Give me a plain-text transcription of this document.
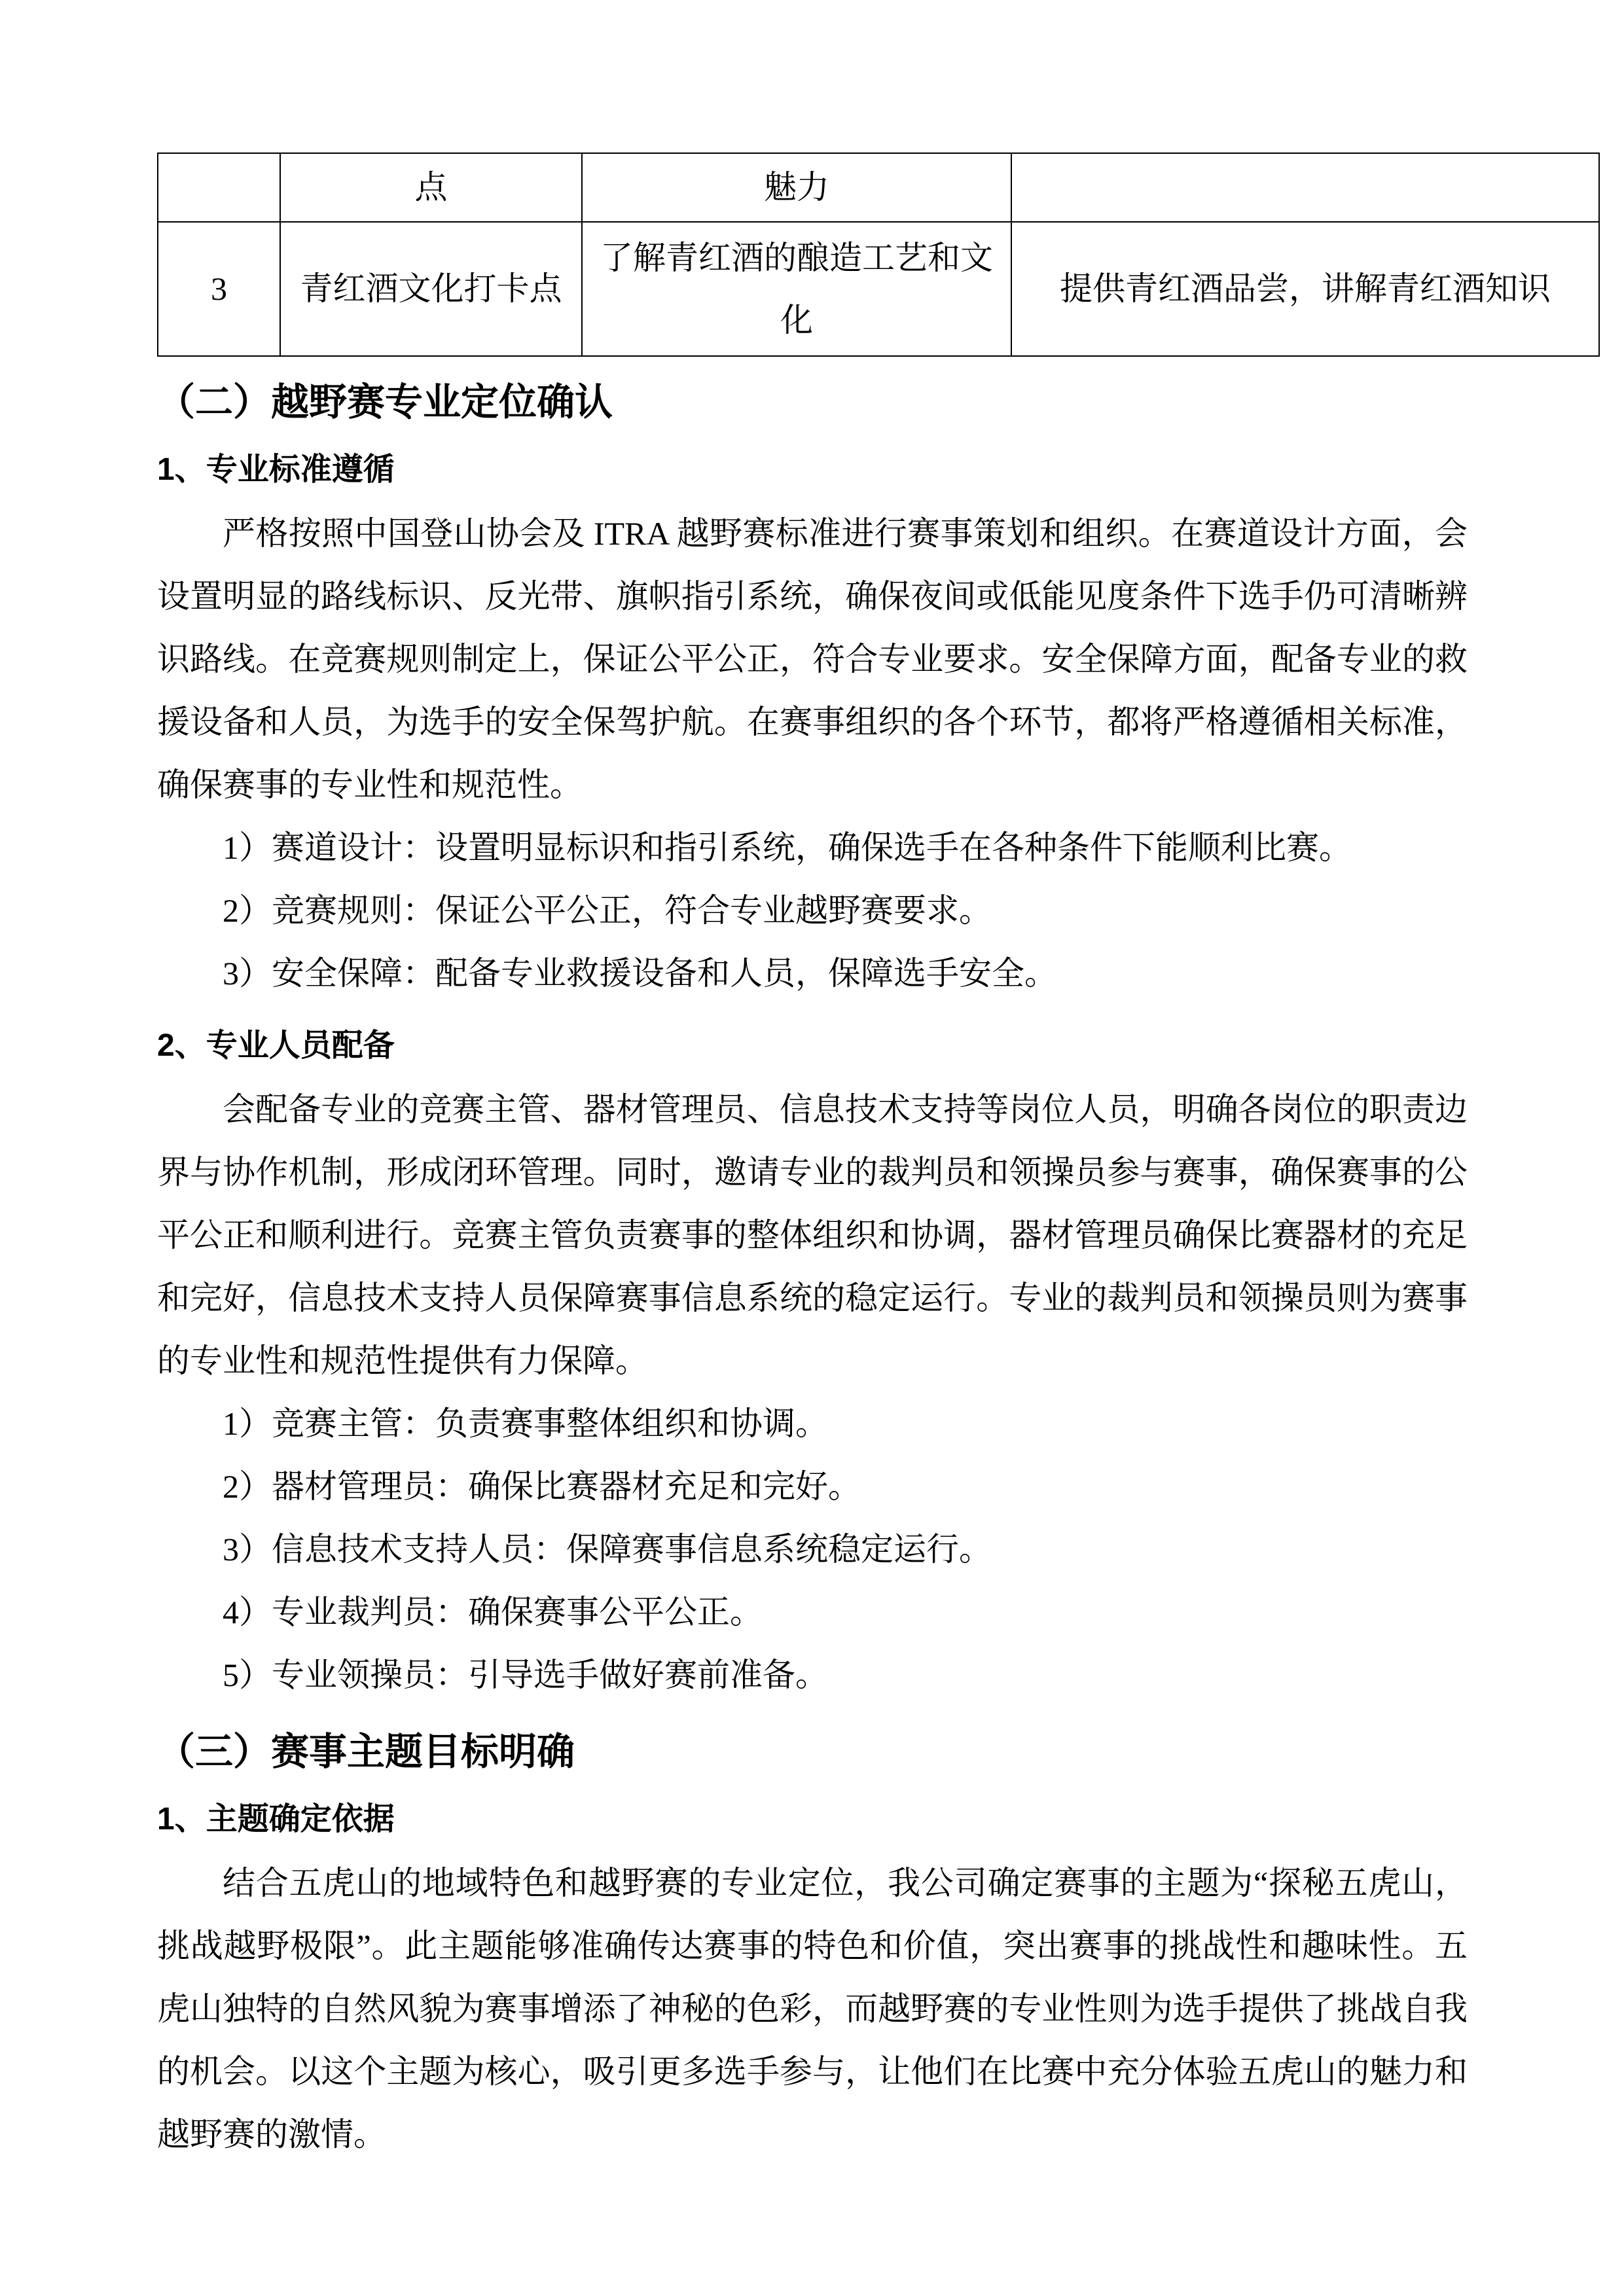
	点	魅力	
3	青红酒文化打卡点	了解青红酒的酿造工艺和文化	提供青红酒品尝，讲解青红酒知识
（二）越野赛专业定位确认
1、专业标准遵循

严格按照中国登山协会及 ITRA 越野赛标准进行赛事策划和组织。在赛道设计方面，会设置明显的路线标识、反光带、旗帜指引系统，确保夜间或低能见度条件下选手仍可清晰辨识路线。在竞赛规则制定上，保证公平公正，符合专业要求。安全保障方面，配备专业的救援设备和人员，为选手的安全保驾护航。在赛事组织的各个环节，都将严格遵循相关标准，确保赛事的专业性和规范性。

1）赛道设计：设置明显标识和指引系统，确保选手在各种条件下能顺利比赛。

2）竞赛规则：保证公平公正，符合专业越野赛要求。

3）安全保障：配备专业救援设备和人员，保障选手安全。

2、专业人员配备

会配备专业的竞赛主管、器材管理员、信息技术支持等岗位人员，明确各岗位的职责边界与协作机制，形成闭环管理。同时，邀请专业的裁判员和领操员参与赛事，确保赛事的公平公正和顺利进行。竞赛主管负责赛事的整体组织和协调，器材管理员确保比赛器材的充足和完好，信息技术支持人员保障赛事信息系统的稳定运行。专业的裁判员和领操员则为赛事的专业性和规范性提供有力保障。

1）竞赛主管：负责赛事整体组织和协调。

2）器材管理员：确保比赛器材充足和完好。

3）信息技术支持人员：保障赛事信息系统稳定运行。

4）专业裁判员：确保赛事公平公正。

5）专业领操员：引导选手做好赛前准备。

（三）赛事主题目标明确
1、主题确定依据

结合五虎山的地域特色和越野赛的专业定位，我公司确定赛事的主题为“探秘五虎山，挑战越野极限”。此主题能够准确传达赛事的特色和价值，突出赛事的挑战性和趣味性。五虎山独特的自然风貌为赛事增添了神秘的色彩，而越野赛的专业性则为选手提供了挑战自我的机会。以这个主题为核心，吸引更多选手参与，让他们在比赛中充分体验五虎山的魅力和越野赛的激情。
